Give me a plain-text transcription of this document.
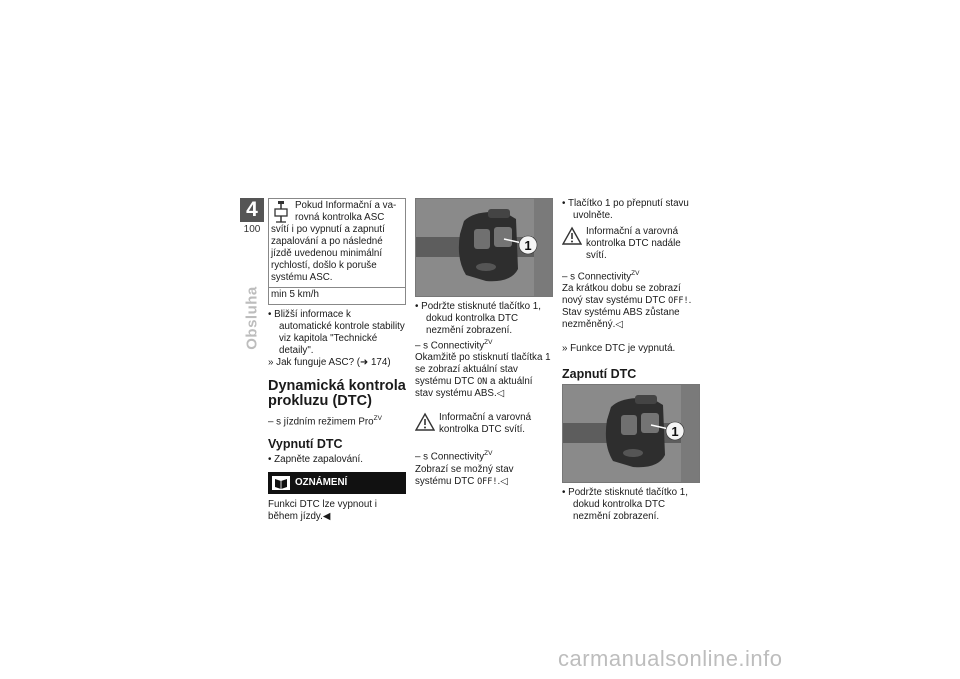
4
100
Obsluha

Pokud Informační a varovná kontrolka ASC svítí i po vypnutí a zapnutí zapalování a po následné jízdě uvedenou minimální rychlostí, došlo k poruše systému ASC.

min 5 km/h

• Bližší informace k automatické kontrole stability viz kapitola "Technické detaily".

» Jak funguje ASC? (➜ 174)

Dynamická kontrola prokluzu (DTC)

– s jízdním režimem Pro$^{ZV}$

Vypnutí DTC

• Zapněte zapalování.

OZNÁMENÍ

Funkci DTC lze vypnout i během jízdy.◀

1

• Podržte stisknuté tlačítko 1, dokud kontrolka DTC nezmění zobrazení.

– s Connectivity$^{ZV}$

Okamžitě po stisknutí tlačítka 1 se zobrazí aktuální stav systému DTC ON a aktuální stav systému ABS.◁

Informační a varovná kontrolka DTC svítí.

– s Connectivity$^{ZV}$

Zobrazí se možný stav systému DTC OFF!.◁

• Tlačítko 1 po přepnutí stavu uvolněte.

Informační a varovná kontrolka DTC nadále svítí.

– s Connectivity$^{ZV}$

Za krátkou dobu se zobrazí nový stav systému DTC OFF!. Stav systému ABS zůstane nezměněný.◁

» Funkce DTC je vypnutá.

Zapnutí DTC
1

• Podržte stisknuté tlačítko 1, dokud kontrolka DTC nezmění zobrazení.

carmanualsonline.info
